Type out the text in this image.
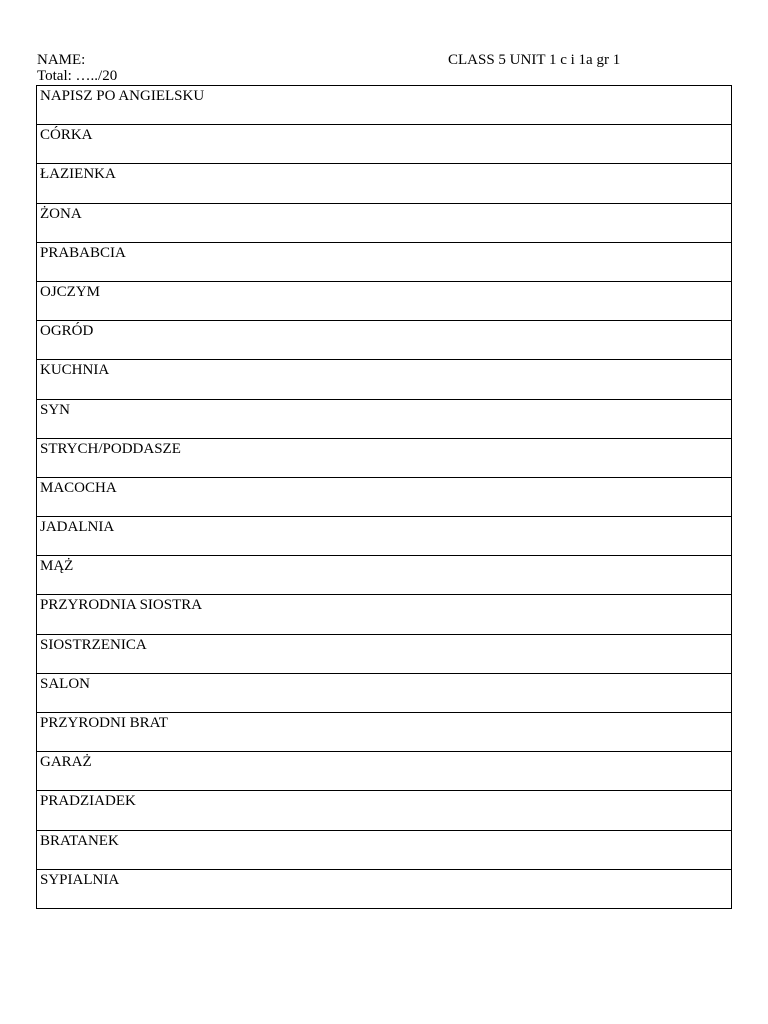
NAME:	CLASS 5 UNIT 1 c i 1a gr 1
Total: …../20
NAPISZ PO ANGIELSKU
CÓRKA
ŁAZIENKA
ŻONA
PRABABCIA
OJCZYM
OGRÓD
KUCHNIA
SYN
STRYCH/PODDASZE
MACOCHA
JADALNIA
MĄŻ
PRZYRODNIA SIOSTRA
SIOSTRZENICA
SALON
PRZYRODNI BRAT
GARAŻ
PRADZIADEK
BRATANEK
SYPIALNIA
